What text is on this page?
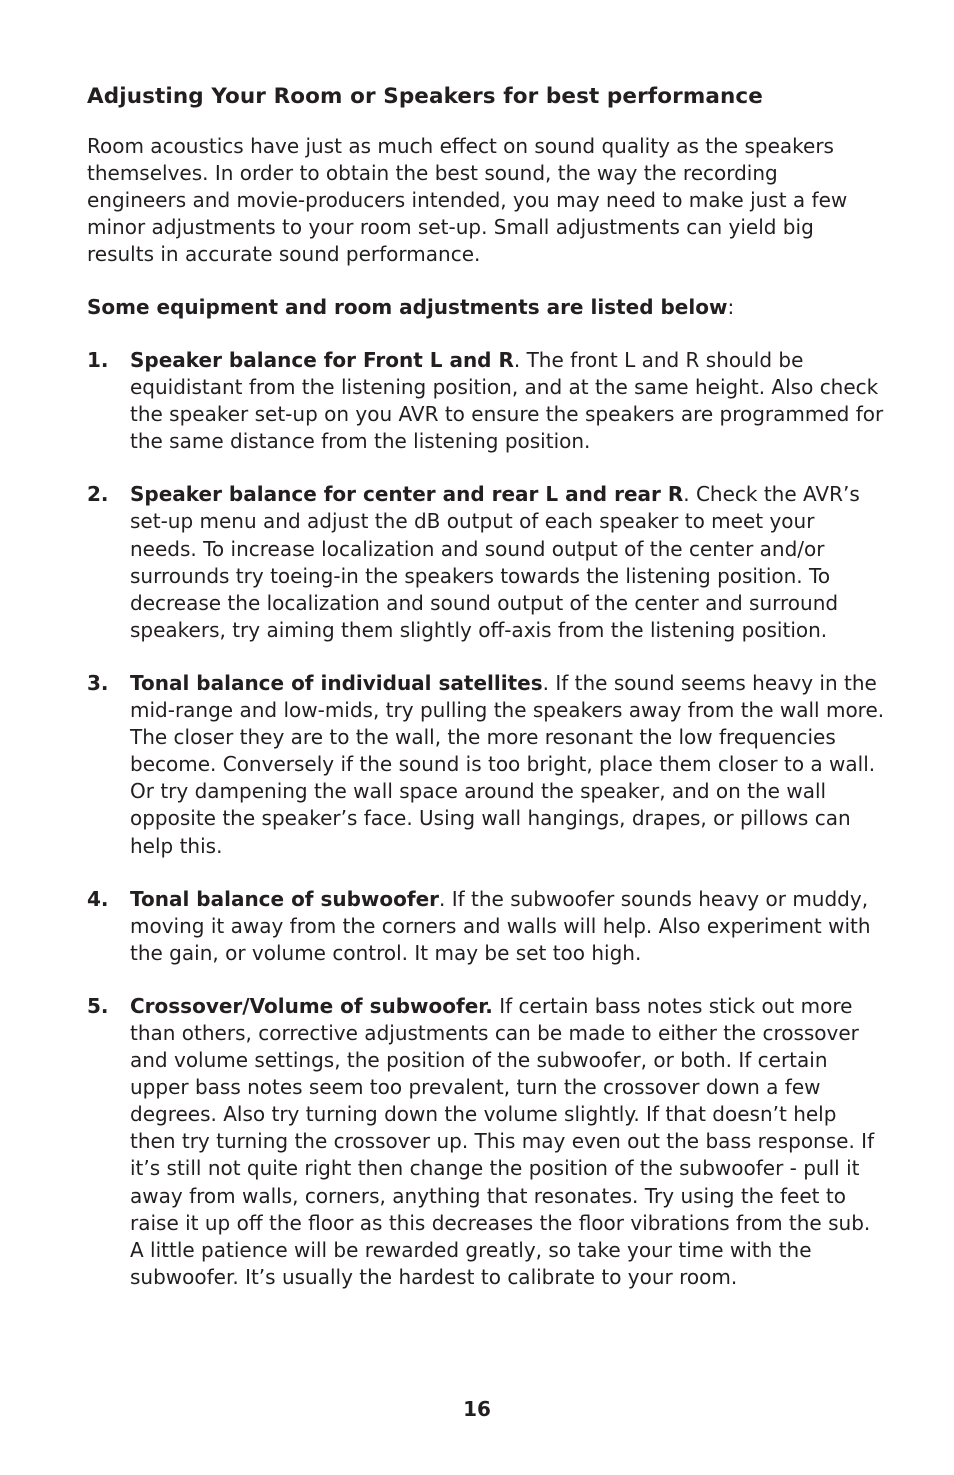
Adjusting Your Room or Speakers for best performance

Room acoustics have just as much effect on sound quality as the speakers themselves. In order to obtain the best sound, the way the recording engineers and movie-producers intended, you may need to make just a few minor adjustments to your room set-up. Small adjustments can yield big results in accurate sound performance.

Some equipment and room adjustments are listed below:

1.	Speaker balance for Front L and R. The front L and R should be equidistant from the listening position, and at the same height. Also check the speaker set-up on you AVR to ensure the speakers are programmed for the same distance from the listening position.
2.	Speaker balance for center and rear L and rear R. Check the AVR’s set-up menu and adjust the dB output of each speaker to meet your needs. To increase localization and sound output of the center and/or surrounds try toeing-in the speakers towards the listening position. To decrease the localization and sound output of the center and surround speakers, try aiming them slightly off-axis from the listening position.
3.	Tonal balance of individual satellites. If the sound seems heavy in the mid-range and low-mids, try pulling the speakers away from the wall more. The closer they are to the wall, the more resonant the low frequencies become. Conversely if the sound is too bright, place them closer to a wall. Or try dampening the wall space around the speaker, and on the wall opposite the speaker’s face. Using wall hangings, drapes, or pillows can help this.
4.	Tonal balance of subwoofer. If the subwoofer sounds heavy or muddy, moving it away from the corners and walls will help. Also experiment with the gain, or volume control. It may be set too high.
5.	Crossover/Volume of subwoofer. If certain bass notes stick out more than others, corrective adjustments can be made to either the crossover and volume settings, the position of the subwoofer, or both. If certain upper bass notes seem too prevalent, turn the crossover down a few degrees. Also try turning down the volume slightly. If that doesn’t help then try turning the crossover up. This may even out the bass response. If it’s still not quite right then change the position of the subwoofer - pull it away from walls, corners, anything that resonates. Try using the feet to raise it up off the floor as this decreases the floor vibrations from the sub. A little patience will be rewarded greatly, so take your time with the subwoofer. It’s usually the hardest to calibrate to your room.
16
